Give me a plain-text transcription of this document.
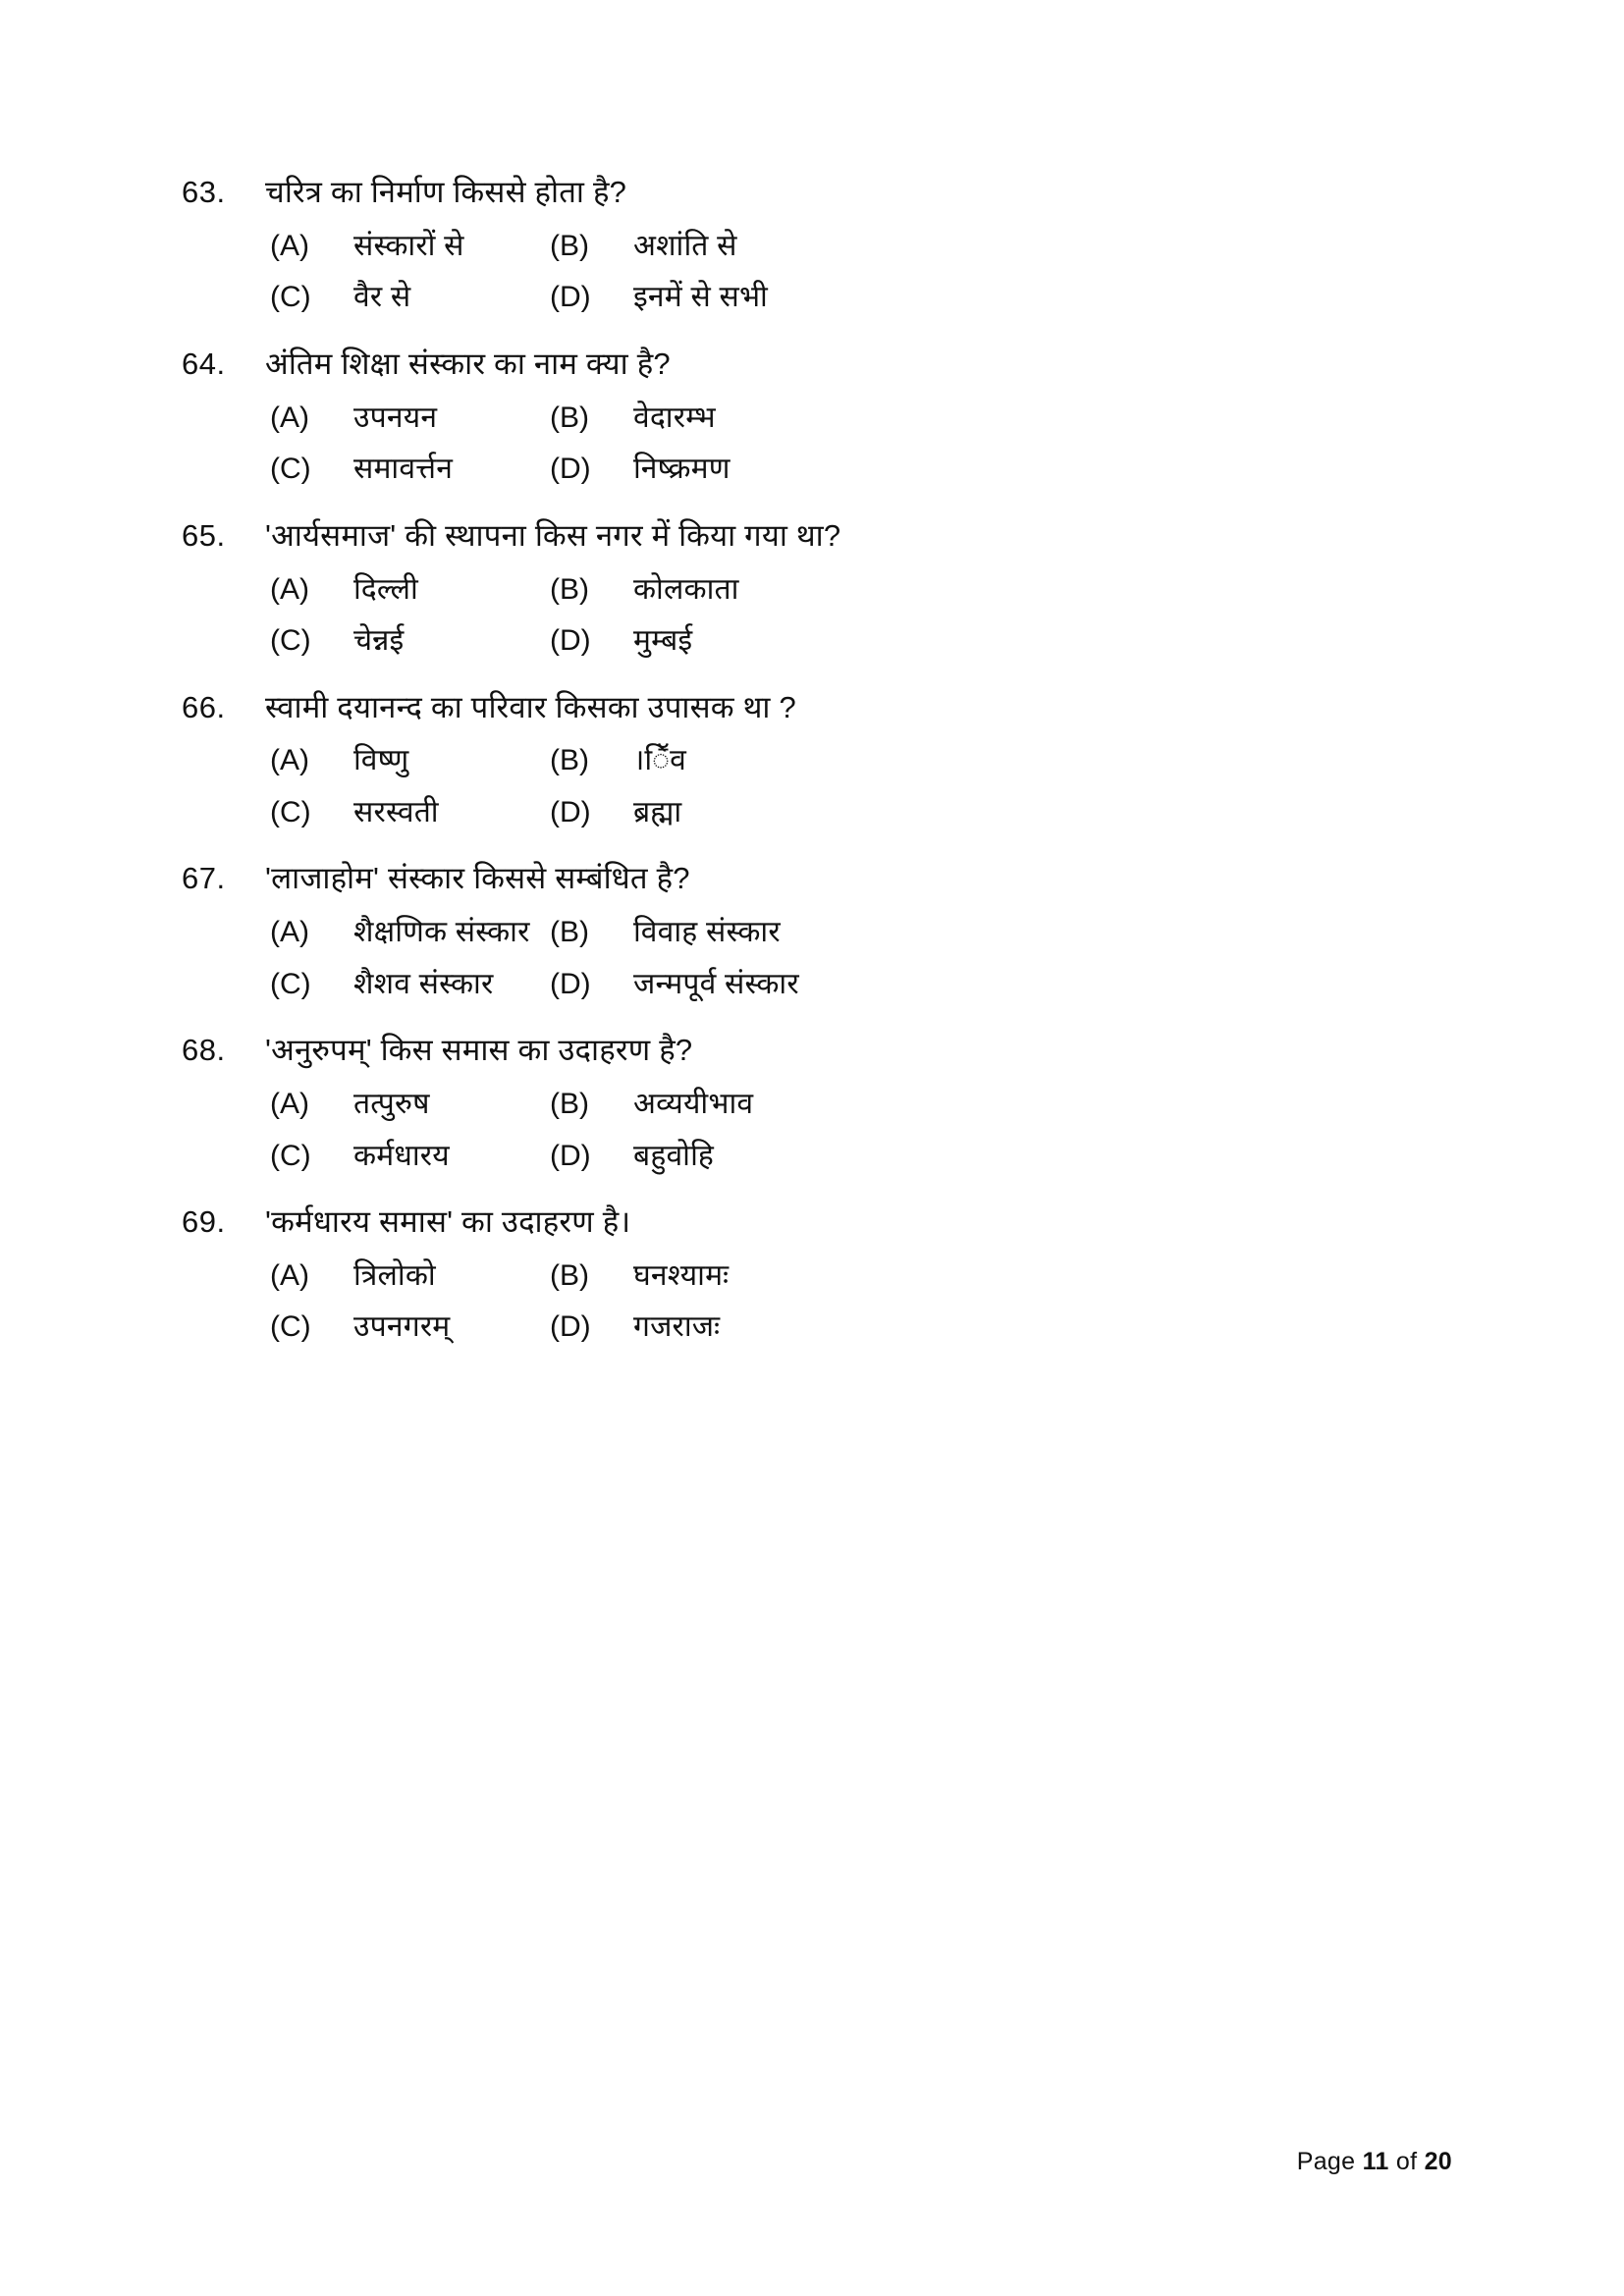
63.	चरित्र का निर्माण किससे होता है?
(A)	संस्कारों से	(B)	अशांति से
(C)	वैर से	(D)	इनमें से सभी
64.	अंतिम शिक्षा संस्कार का नाम क्या है?
(A)	उपनयन	(B)	वेदारम्भ
(C)	समावर्त्तन	(D)	निष्क्रमण
65.	'आर्यसमाज' की स्थापना किस नगर में किया गया था?
(A)	दिल्ली	(B)	कोलकाता
(C)	चेन्नई	(D)	मुम्बई
66.	स्वामी दयानन्द का परिवार किसका उपासक था ?
(A)	विष्णु	(B)	।ॕिव
(C)	सरस्वती	(D)	ब्रह्मा
67.	'लाजाहोम' संस्कार किससे सम्बंधित है?
(A)	शैक्षणिक संस्कार (B)	विवाह संस्कार
(C)	शैशव संस्कार (D)	जन्मपूर्व संस्कार
68.	'अनुरुपम्' किस समास का उदाहरण है?
(A)	तत्पुरुष	(B)	अव्ययीभाव
(C)	कर्मधारय	(D)	बहुवाेहि
69.	'कर्मधारय समास' का उदाहरण है।
(A)	त्रिलोको	(B)	घनश्यामः
(C)	उपनगरम्	(D)	गजराजः
Page 11 of 20
